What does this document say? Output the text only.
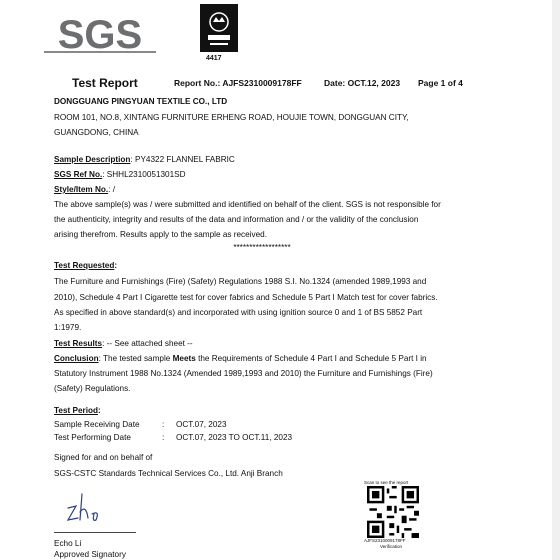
SGS
4417
Test Report	Report No.: AJFS2310009178FF	Date: OCT.12, 2023 Page 1 of 4
DONGGUANG PINGYUAN TEXTILE CO., LTD
ROOM 101, NO.8, XINTANG FURNITURE ERHENG ROAD, HOUJIE TOWN, DONGGUAN CITY,
GUANGDONG, CHINA
Sample Description: PY4322 FLANNEL FABRIC
SGS Ref No.: SHHL2310051301SD
Style/Item No.: /
The above sample(s) was / were submitted and identified on behalf of the client. SGS is not responsible for
the authenticity, integrity and results of the data and information and / or the validity of the conclusion
arising therefrom. Results apply to the sample as received.
******************
Test Requested:
The Furniture and Furnishings (Fire) (Safety) Regulations 1988 S.I. No.1324 (amended 1989,1993 and
2010), Schedule 4 Part I Cigarette test for cover fabrics and Schedule 5 Part I Match test for cover fabrics.
As specified in above standard(s) and incorporated with using ignition source 0 and 1 of BS 5852 Part
1:1979.
Test Results: -- See attached sheet --
Conclusion: The tested sample Meets the Requirements of Schedule 4 Part I and Schedule 5 Part I in
Statutory Instrument 1988 No.1324 (Amended 1989,1993 and 2010) the Furniture and Furnishings (Fire)
(Safety) Regulations.
Test Period:
Sample Receiving Date	: OCT.07, 2023
Test Performing Date	: OCT.07, 2023 TO OCT.11, 2023
Signed for and on behalf of
SGS-CSTC Standards Technical Services Co., Ltd. Anji Branch
Echo Li
Approved Signatory
Scan to see the report
AJFS2310009178FF
Verification
